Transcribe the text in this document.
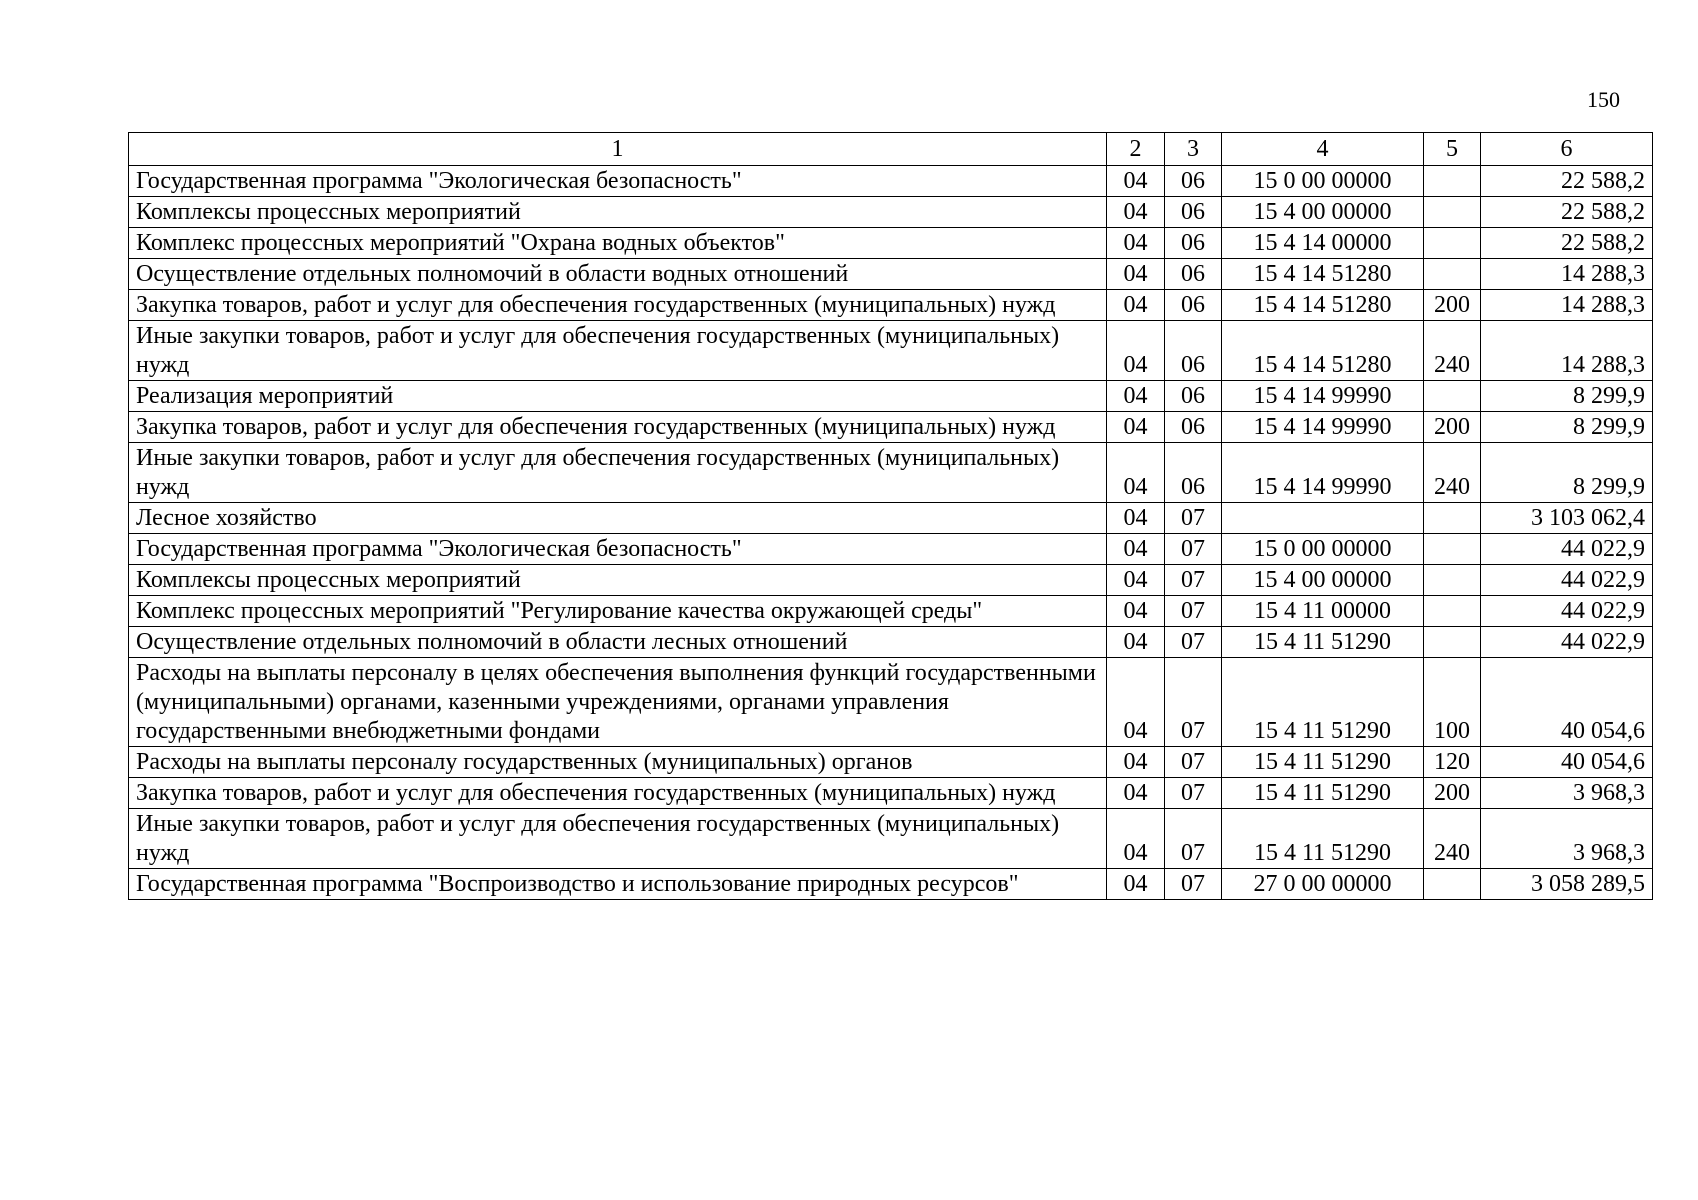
150
1	2	3	4	5	6
Государственная программа "Экологическая безопасность"	04	06	15 0 00 00000		22 588,2
Комплексы процессных мероприятий	04	06	15 4 00 00000		22 588,2
Комплекс процессных мероприятий "Охрана водных объектов"	04	06	15 4 14 00000		22 588,2
Осуществление отдельных полномочий в области водных отношений	04	06	15 4 14 51280		14 288,3
Закупка товаров, работ и услуг для обеспечения государственных (муниципальных) нужд	04	06	15 4 14 51280	200	14 288,3
Иные закупки товаров, работ и услуг для обеспечения государственных (муниципальных) нужд	04	06	15 4 14 51280	240	14 288,3
Реализация мероприятий	04	06	15 4 14 99990		8 299,9
Закупка товаров, работ и услуг для обеспечения государственных (муниципальных) нужд	04	06	15 4 14 99990	200	8 299,9
Иные закупки товаров, работ и услуг для обеспечения государственных (муниципальных) нужд	04	06	15 4 14 99990	240	8 299,9
Лесное хозяйство	04	07			3 103 062,4
Государственная программа "Экологическая безопасность"	04	07	15 0 00 00000		44 022,9
Комплексы процессных мероприятий	04	07	15 4 00 00000		44 022,9
Комплекс процессных мероприятий "Регулирование качества окружающей среды"	04	07	15 4 11 00000		44 022,9
Осуществление отдельных полномочий в области лесных отношений	04	07	15 4 11 51290		44 022,9
Расходы на выплаты персоналу в целях обеспечения выполнения функций государственными (муниципальными) органами, казенными учреждениями, органами управления государственными внебюджетными фондами	04	07	15 4 11 51290	100	40 054,6
Расходы на выплаты персоналу государственных (муниципальных) органов	04	07	15 4 11 51290	120	40 054,6
Закупка товаров, работ и услуг для обеспечения государственных (муниципальных) нужд	04	07	15 4 11 51290	200	3 968,3
Иные закупки товаров, работ и услуг для обеспечения государственных (муниципальных) нужд	04	07	15 4 11 51290	240	3 968,3
Государственная программа "Воспроизводство и использование природных ресурсов"	04	07	27 0 00 00000		3 058 289,5
